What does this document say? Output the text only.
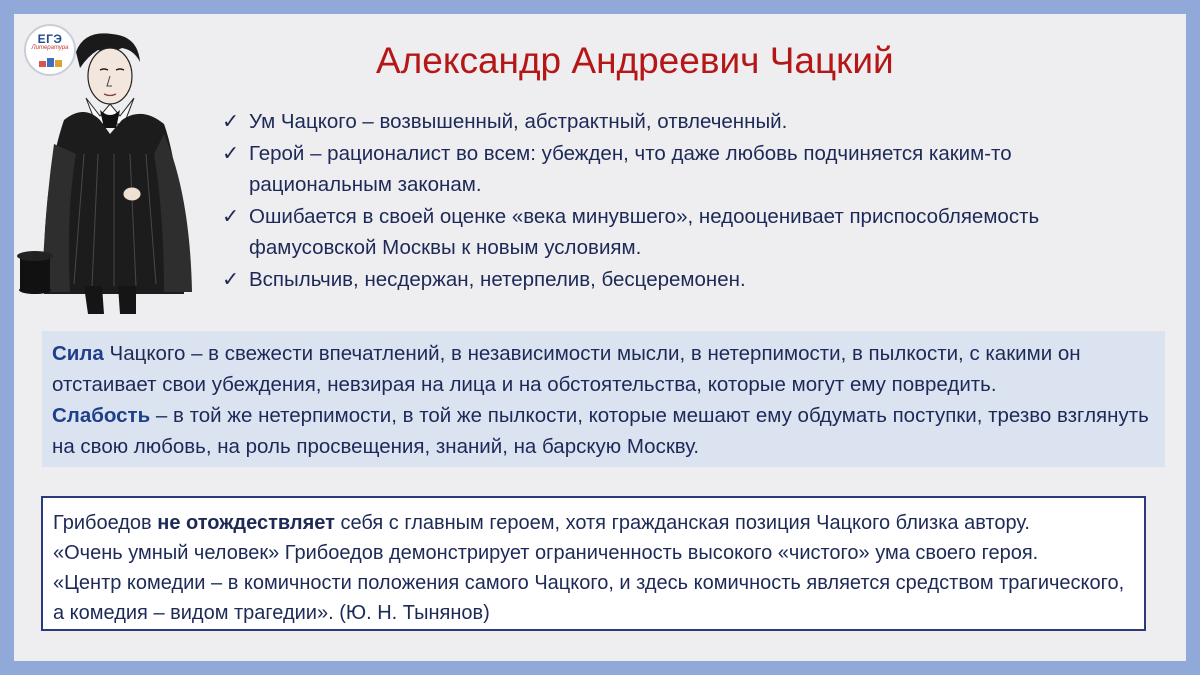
ЕГЭ
Литература	Александр Андреевич Чацкий
✓ Ум Чацкого – возвышенный, абстрактный, отвлеченный.
✓ Герой – рационалист во всем: убежден, что даже любовь подчиняется каким-то рациональным законам.
✓ Ошибается в своей оценке «века минувшего», недооценивает приспособляемость фамусовской Москвы к новым условиям.
✓ Вспыльчив, несдержан, нетерпелив, бесцеремонен.
Сила Чацкого – в свежести впечатлений, в независимости мысли, в нетерпимости, в пылкости, с какими он отстаивает свои убеждения, невзирая на лица и на обстоятельства, которые могут ему повредить.
Слабость – в той же нетерпимости, в той же пылкости, которые мешают ему обдумать поступки, трезво взглянуть на свою любовь, на роль просвещения, знаний, на барскую Москву.

Грибоедов не отождествляет себя с главным героем, хотя гражданская позиция Чацкого близка автору.

«Очень умный человек» Грибоедов демонстрирует ограниченность высокого «чистого» ума своего героя.

«Центр комедии – в комичности положения самого Чацкого, и здесь комичность является средством трагического, а комедия – видом трагедии». (Ю. Н. Тынянов)
